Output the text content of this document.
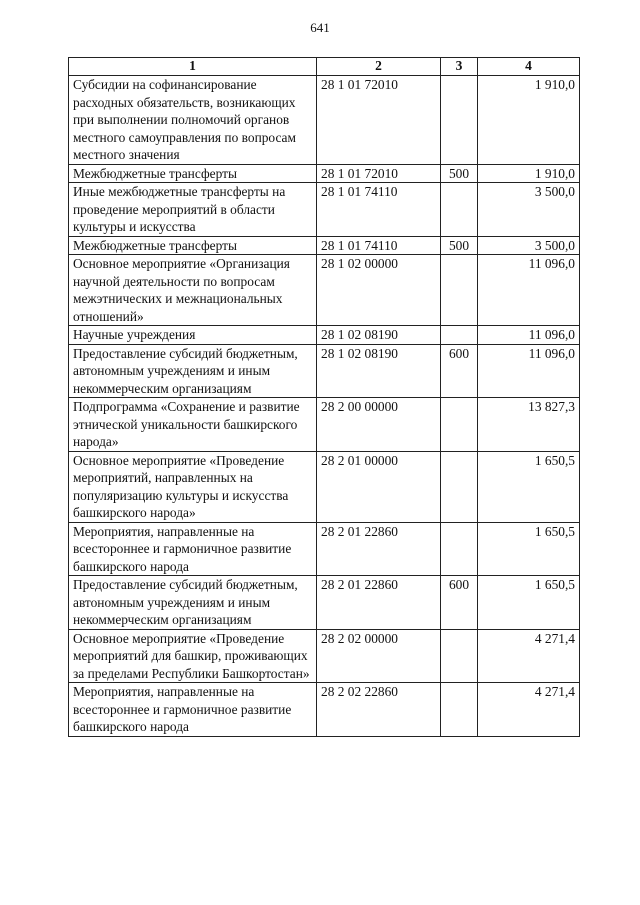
641
1	2	3	4
Субсидии на софинансирование расходных обязательств, возникающих при выполнении полномочий органов местного самоуправления по вопросам местного значения	28 1 01 72010		1 910,0
Межбюджетные трансферты	28 1 01 72010	500	1 910,0
Иные межбюджетные трансферты на проведение мероприятий в области культуры и искусства	28 1 01 74110		3 500,0
Межбюджетные трансферты	28 1 01 74110	500	3 500,0
Основное мероприятие «Организация научной деятельности по вопросам межэтнических и межнациональных отношений»	28 1 02 00000		11 096,0
Научные учреждения	28 1 02 08190		11 096,0
Предоставление субсидий бюджетным, автономным учреждениям и иным некоммерческим организациям	28 1 02 08190	600	11 096,0
Подпрограмма «Сохранение и развитие этнической уникальности башкирского народа»	28 2 00 00000		13 827,3
Основное мероприятие «Проведение мероприятий, направленных на популяризацию культуры и искусства башкирского народа»	28 2 01 00000		1 650,5
Мероприятия, направленные на всестороннее и гармоничное развитие башкирского народа	28 2 01 22860		1 650,5
Предоставление субсидий бюджетным, автономным учреждениям и иным некоммерческим организациям	28 2 01 22860	600	1 650,5
Основное мероприятие «Проведение мероприятий для башкир, проживающих за пределами Республики Башкортостан»	28 2 02 00000		4 271,4
Мероприятия, направленные на всестороннее и гармоничное развитие башкирского народа	28 2 02 22860		4 271,4
